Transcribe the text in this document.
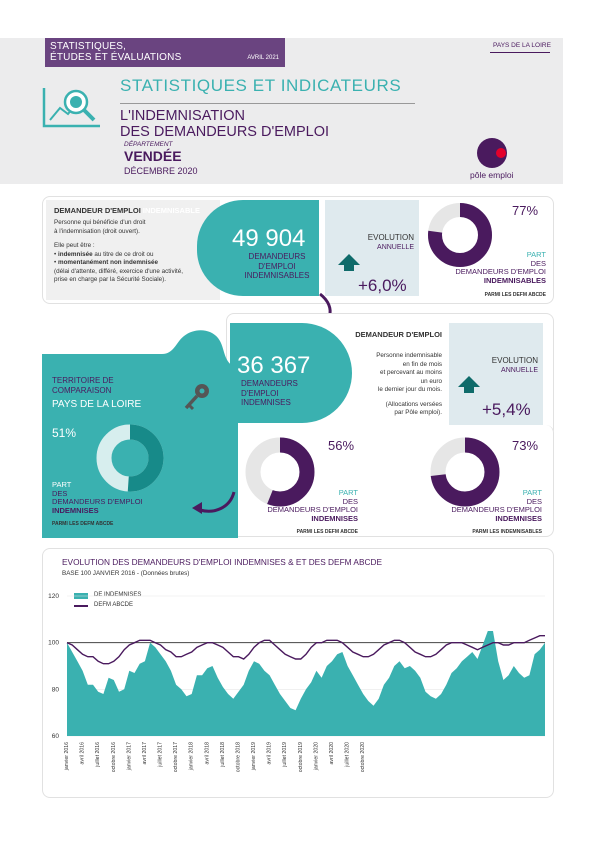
STATISTIQUES,
ÉTUDES ET ÉVALUATIONS	AVRIL 2021
PAYS DE LA LOIRE
STATISTIQUES ET INDICATEURS
L'INDEMNISATION
DES DEMANDEURS D'EMPLOI
DÉPARTEMENT
VENDÉE
DÉCEMBRE 2020	pôle emploi
DEMANDEUR D'EMPLOI INDEMNISABLE
Personne qui bénéficie d'un droit
à l'indemnisation (droit ouvert).
Elle peut être :
• indemnisée au titre de ce droit ou
• momentanément non indemnisée
(délai d'attente, différé, exercice d'une activité,
prise en charge par la Sécurité Sociale).
49 904
DEMANDEURS
D'EMPLOI
INDEMNISABLES
EVOLUTION
ANNUELLE
+6,0%
77%
PART
DES
DEMANDEURS D'EMPLOI
INDEMNISABLES
PARMI LES DEFM ABCDE
36 367
DEMANDEURS
D'EMPLOI
INDEMNISES
DEMANDEUR D'EMPLOI
INDEMNISÉ
Personne indemnisable
en fin de mois
et percevant au moins
un euro
le dernier jour du mois.
(Allocations versées
par Pôle emploi).
EVOLUTION
ANNUELLE
+5,4%
56%
PART
DES
DEMANDEURS D'EMPLOI
INDEMNISES
PARMI LES DEFM ABCDE
73%
PART
DES
DEMANDEURS D'EMPLOI
INDEMNISES
PARMI LES INDEMNISABLES
TERRITOIRE DE
COMPARAISON
PAYS DE LA LOIRE
51%
PART
DES
DEMANDEURS D'EMPLOI
INDEMNISES
PARMI LES DEFM ABCDE
EVOLUTION DES DEMANDEURS D'EMPLOI INDEMNISES & ET DES DEFM ABCDE
BASE 100 JANVIER 2016 - (Données brutes)
DE INDEMNISES
DEFM ABCDE
60
80
100
120
janvier 2016 avril 2016 juillet 2016 octobre 2016 janvier 2017 avril 2017 juillet 2017 octobre 2017 janvier 2018 avril 2018 juillet 2018 octobre 2018 janvier 2019 avril 2019 juillet 2019 octobre 2019 janvier 2020 avril 2020 juillet 2020 octobre 2020
